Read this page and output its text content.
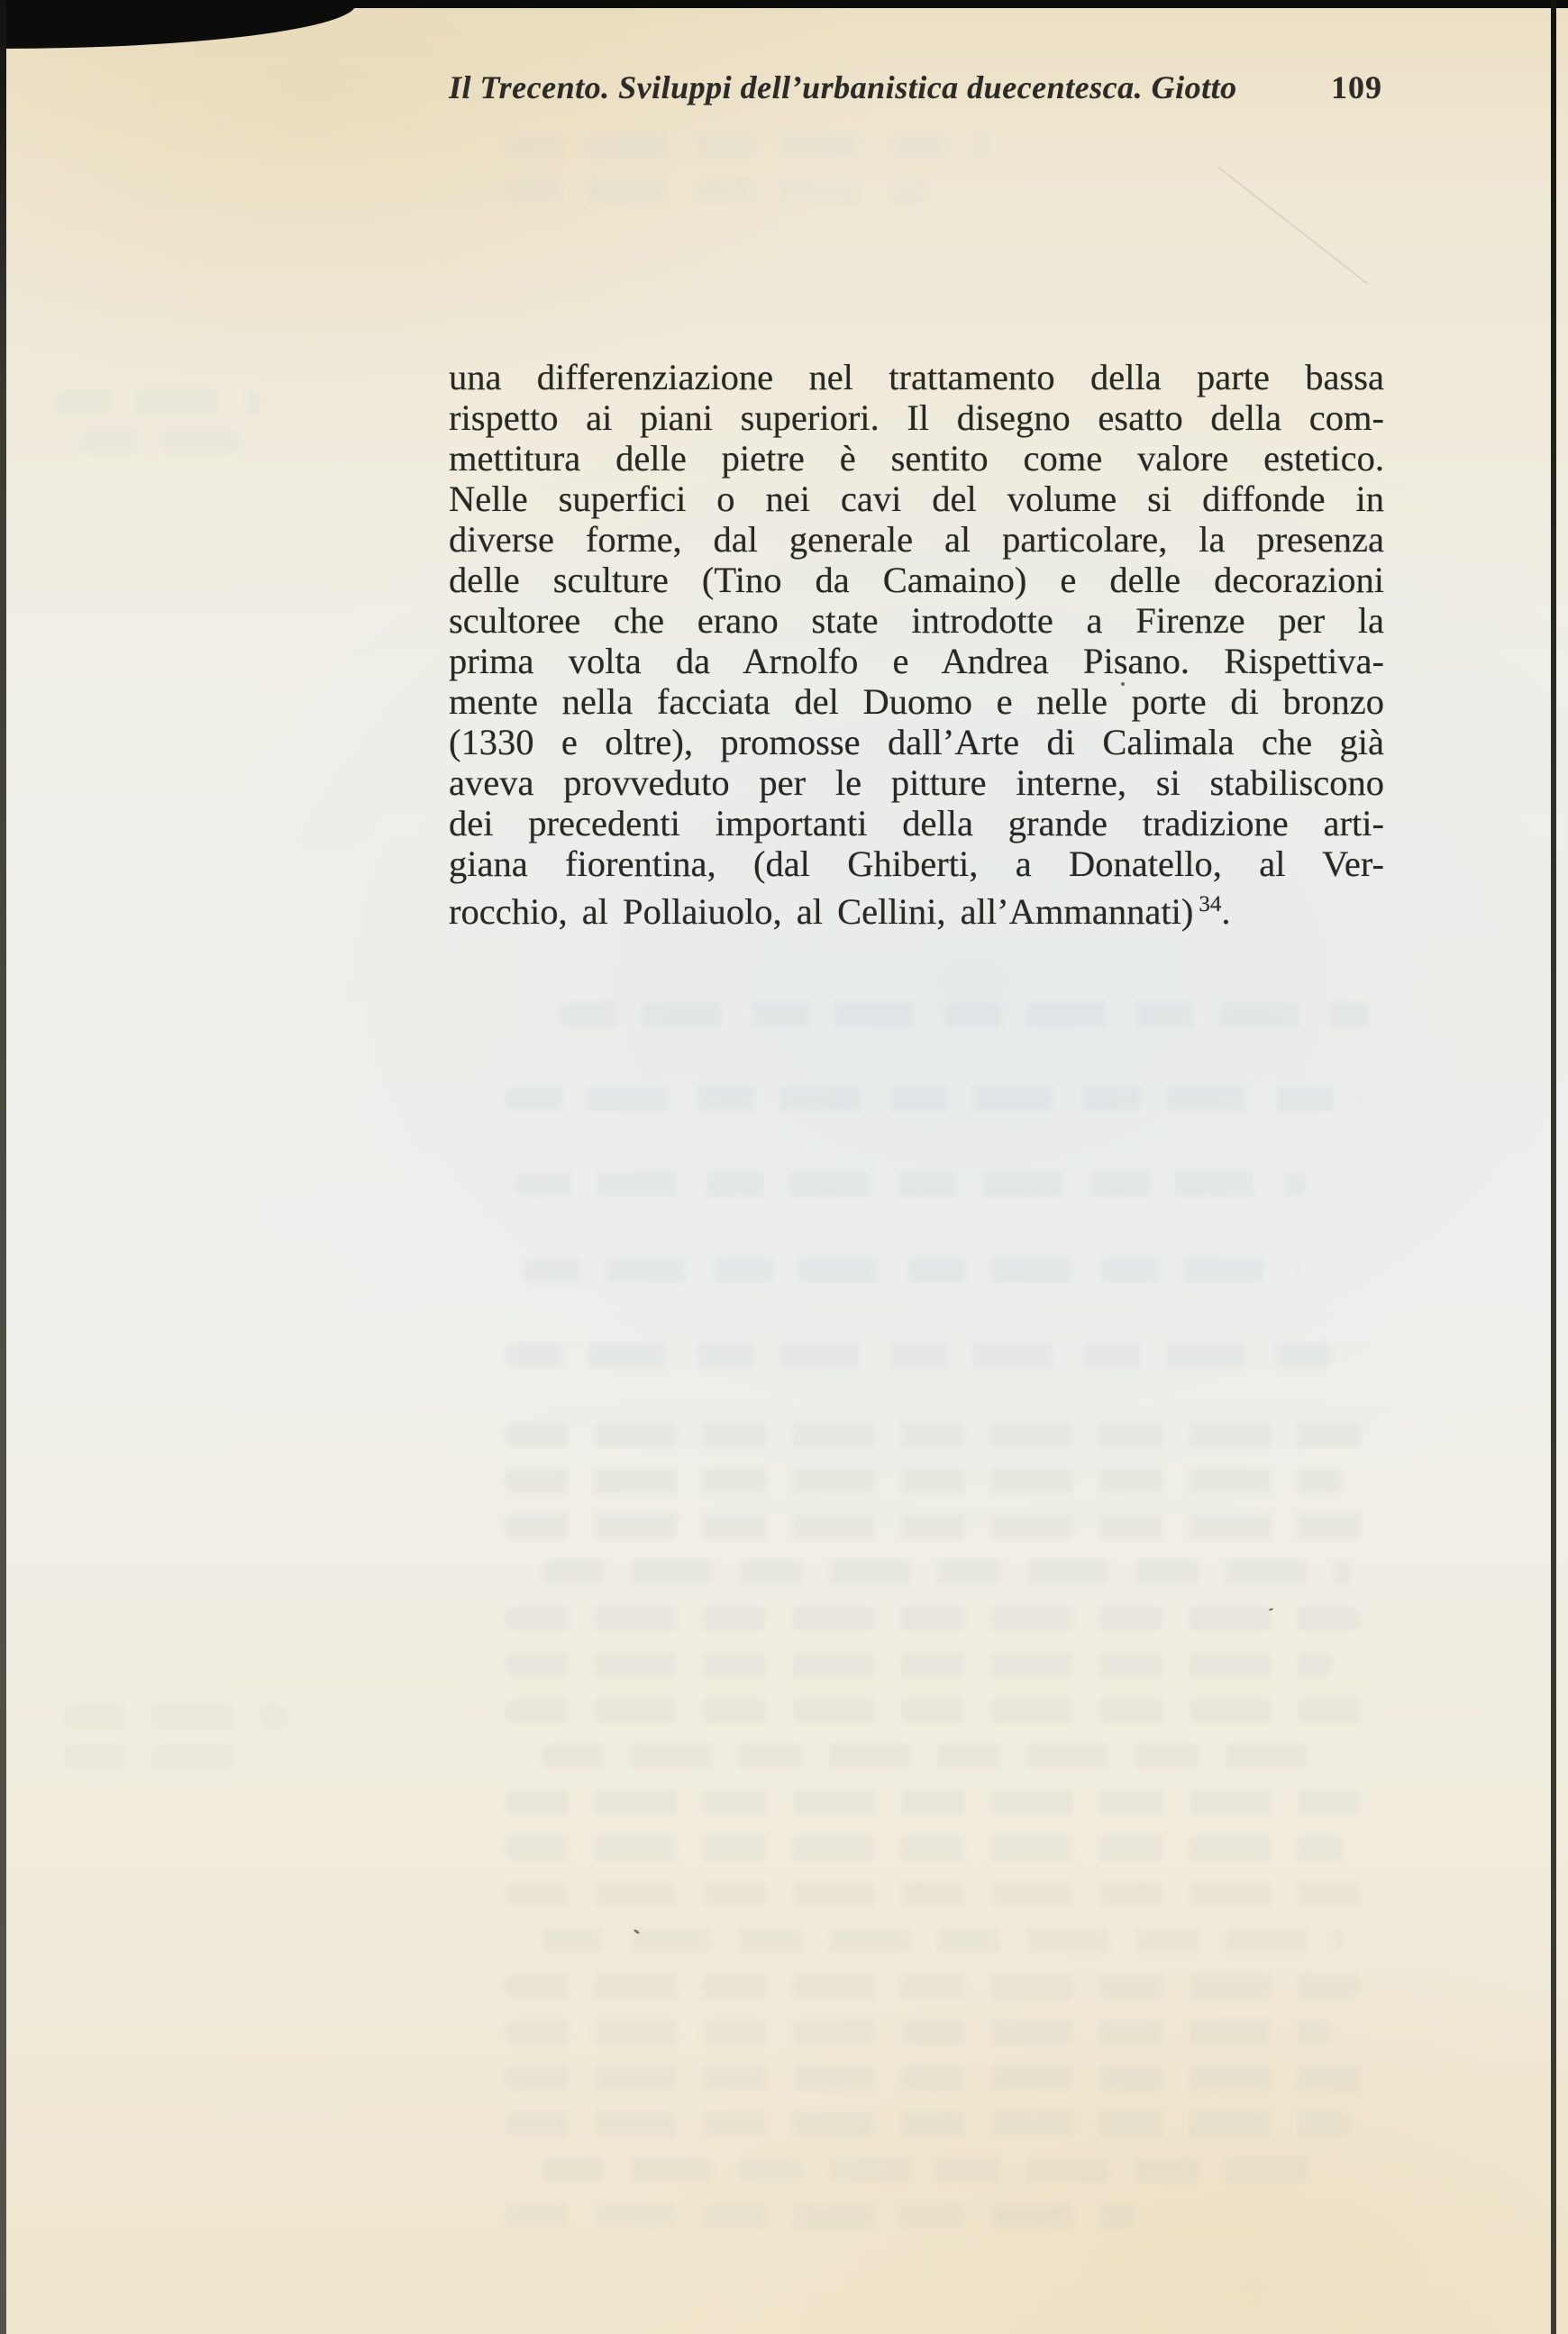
Il Trecento. Sviluppi dell’urbanistica duecentesca. Giotto	109
una differenziazione nel trattamento della parte bassa
rispetto ai piani superiori. Il disegno esatto della com-
mettitura delle pietre è sentito come valore estetico.
Nelle superfici o nei cavi del volume si diffonde in
diverse forme, dal generale al particolare, la presenza
delle sculture (Tino da Camaino) e delle decorazioni
scultoree che erano state introdotte a Firenze per la
prima volta da Arnolfo e Andrea Pisano. Rispettiva-
mente nella facciata del Duomo e nelle porte di bronzo
(1330 e oltre), promosse dall’Arte di Calimala che già
aveva provveduto per le pitture interne, si stabiliscono
dei precedenti importanti della grande tradizione arti-
giana fiorentina, (dal Ghiberti, a Donatello, al Ver-
rocchio, al Pollaiuolo, al Cellini, all’Ammannati) $^{34}$.
